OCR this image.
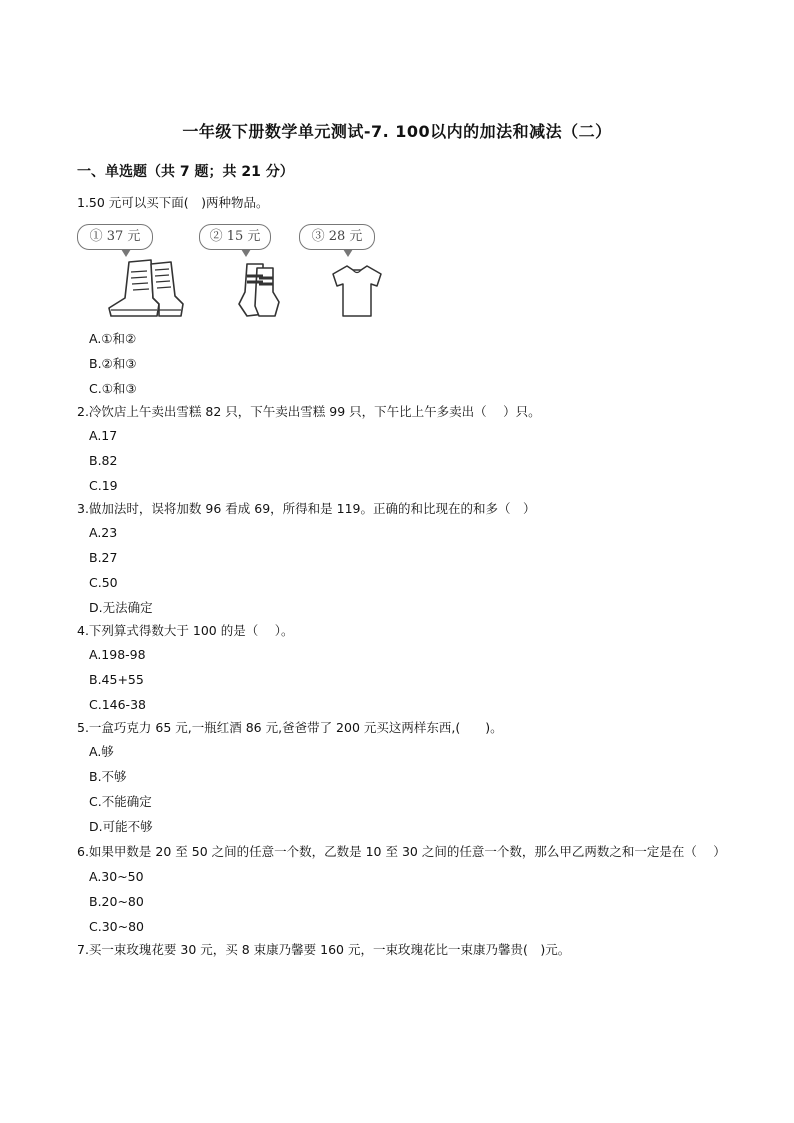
一年级下册数学单元测试-7. 100以内的加法和减法（二）
一、单选题（共 7 题；共 21 分）

1.50 元可以买下面(　)两种物品。

① 37 元	② 15 元	③ 28 元

A.①和②

B.②和③

C.①和③

2.冷饮店上午卖出雪糕 82 只，下午卖出雪糕 99 只，下午比上午多卖出（　 ）只。

A.17

B.82

C.19

3.做加法时，误将加数 96 看成 69，所得和是 119。正确的和比现在的和多（　）

A.23

B.27

C.50

D.无法确定

4.下列算式得数大于 100 的是（　 ）。

A.198-98

B.45+55

C.146-38

5.一盒巧克力 65 元,一瓶红酒 86 元,爸爸带了 200 元买这两样东西,(　　)。

A.够

B.不够

C.不能确定

D.可能不够

6.如果甲数是 20 至 50 之间的任意一个数，乙数是 10 至 30 之间的任意一个数，那么甲乙两数之和一定是在（　 ）

A.30~50

B.20~80

C.30~80

7.买一束玫瑰花要 30 元，买 8 束康乃馨要 160 元，一束玫瑰花比一束康乃馨贵(　)元。
